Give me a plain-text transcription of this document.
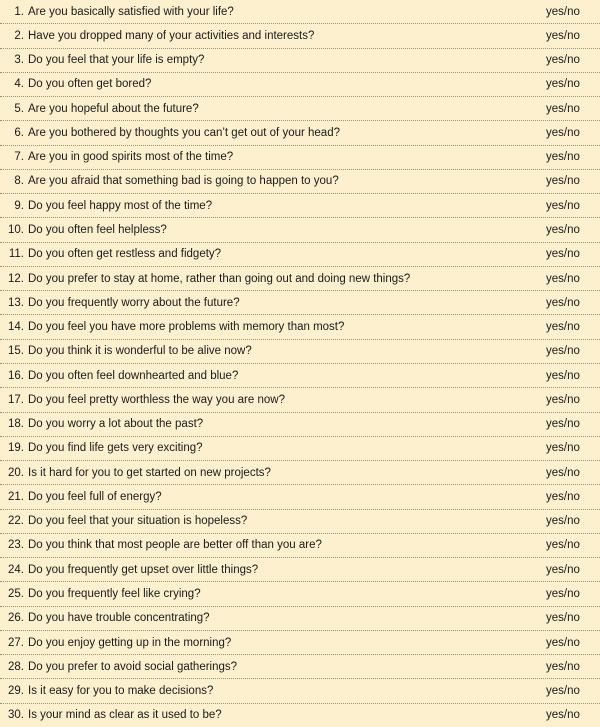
1. Are you basically satisfied with your life?	yes/no
2. Have you dropped many of your activities and interests?	yes/no
3. Do you feel that your life is empty?	yes/no
4. Do you often get bored?	yes/no
5. Are you hopeful about the future?	yes/no
6. Are you bothered by thoughts you can’t get out of your head?	yes/no
7. Are you in good spirits most of the time?	yes/no
8. Are you afraid that something bad is going to happen to you?	yes/no
9. Do you feel happy most of the time?	yes/no
10. Do you often feel helpless?	yes/no
11. Do you often get restless and fidgety?	yes/no
12. Do you prefer to stay at home, rather than going out and doing new things?	yes/no
13. Do you frequently worry about the future?	yes/no
14. Do you feel you have more problems with memory than most?	yes/no
15. Do you think it is wonderful to be alive now?	yes/no
16. Do you often feel downhearted and blue?	yes/no
17. Do you feel pretty worthless the way you are now?	yes/no
18. Do you worry a lot about the past?	yes/no
19. Do you find life gets very exciting?	yes/no
20. Is it hard for you to get started on new projects?	yes/no
21. Do you feel full of energy?	yes/no
22. Do you feel that your situation is hopeless?	yes/no
23. Do you think that most people are better off than you are?	yes/no
24. Do you frequently get upset over little things?	yes/no
25. Do you frequently feel like crying?	yes/no
26. Do you have trouble concentrating?	yes/no
27. Do you enjoy getting up in the morning?	yes/no
28. Do you prefer to avoid social gatherings?	yes/no
29. Is it easy for you to make decisions?	yes/no
30. Is your mind as clear as it used to be?	yes/no
